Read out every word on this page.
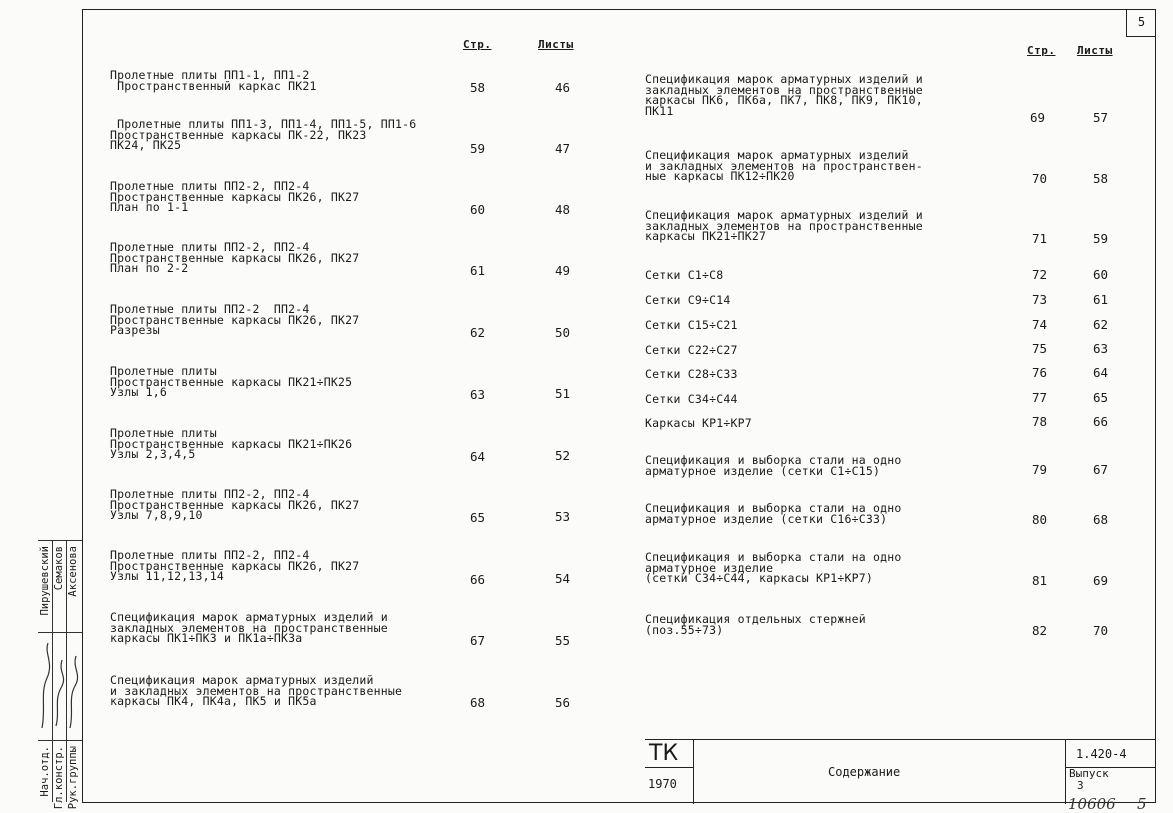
5
Стр.	Листы	Стр. Листы
Пролетные плиты ПП1-1, ПП1-2
Пространственный каркас ПК21	58	46
Пролетные плиты ПП1-3, ПП1-4, ПП1-5, ПП1-6
Пространственные каркасы ПК-22, ПК23
ПК24, ПК25	59	47
Пролетные плиты ПП2-2, ПП2-4
Пространственные каркасы ПК26, ПК27
План по 1-1	60	48
Пролетные плиты ПП2-2, ПП2-4
Пространственные каркасы ПК26, ПК27
План по 2-2	61	49
Пролетные плиты ПП2-2  ПП2-4
Пространственные каркасы ПК26, ПК27
Разрезы	62	50
Пролетные плиты
Пространственные каркасы ПК21÷ПК25
Узлы 1,6	63	51
Пролетные плиты
Пространственные каркасы ПК21÷ПК26
Узлы 2,3,4,5	64	52
Пролетные плиты ПП2-2, ПП2-4
Пространственные каркасы ПК26, ПК27
Узлы 7,8,9,10	65	53
Пролетные плиты ПП2-2, ПП2-4
Пространственные каркасы ПК26, ПК27
Узлы 11,12,13,14	66	54
Спецификация марок арматурных изделий и
закладных элементов на пространственные
каркасы ПК1÷ПК3 и ПК1а÷ПК3а	67	55
Спецификация марок арматурных изделий
и закладных элементов на пространственные
каркасы ПК4, ПК4а, ПК5 и ПК5а	68	56
Спецификация марок арматурных изделий и
закладных элементов на пространственные
каркасы ПК6, ПК6а, ПК7, ПК8, ПК9, ПК10,
ПК11	69	57
Спецификация марок арматурных изделий
и закладных элементов на пространствен-
ные каркасы ПК12÷ПК20	70	58
Спецификация марок арматурных изделий и
закладных элементов на пространственные
каркасы ПК21÷ПК27	71	59
Сетки С1÷С8	72	60
Сетки С9÷С14	73	61
Сетки С15÷С21	74	62
Сетки С22÷С27	75	63
Сетки С28÷С33	76	64
Сетки С34÷С44	77	65
Каркасы КР1÷КР7	78	66
Спецификация и выборка стали на одно
арматурное изделие (сетки С1÷С15)	79	67
Спецификация и выборка стали на одно
арматурное изделие (сетки С16÷С33)	80	68
Спецификация и выборка стали на одно
арматурное изделие
(сетки С34÷С44, каркасы КР1÷КР7)	81	69
Спецификация отдельных стержней
(поз.55÷73)	82	70
Нач.отд. Гл.констр. Рук.группы
Пирушевский Семаков Аксенова
ТК
1970
Содержание
1.420-4
Выпуск
3
10606 5
